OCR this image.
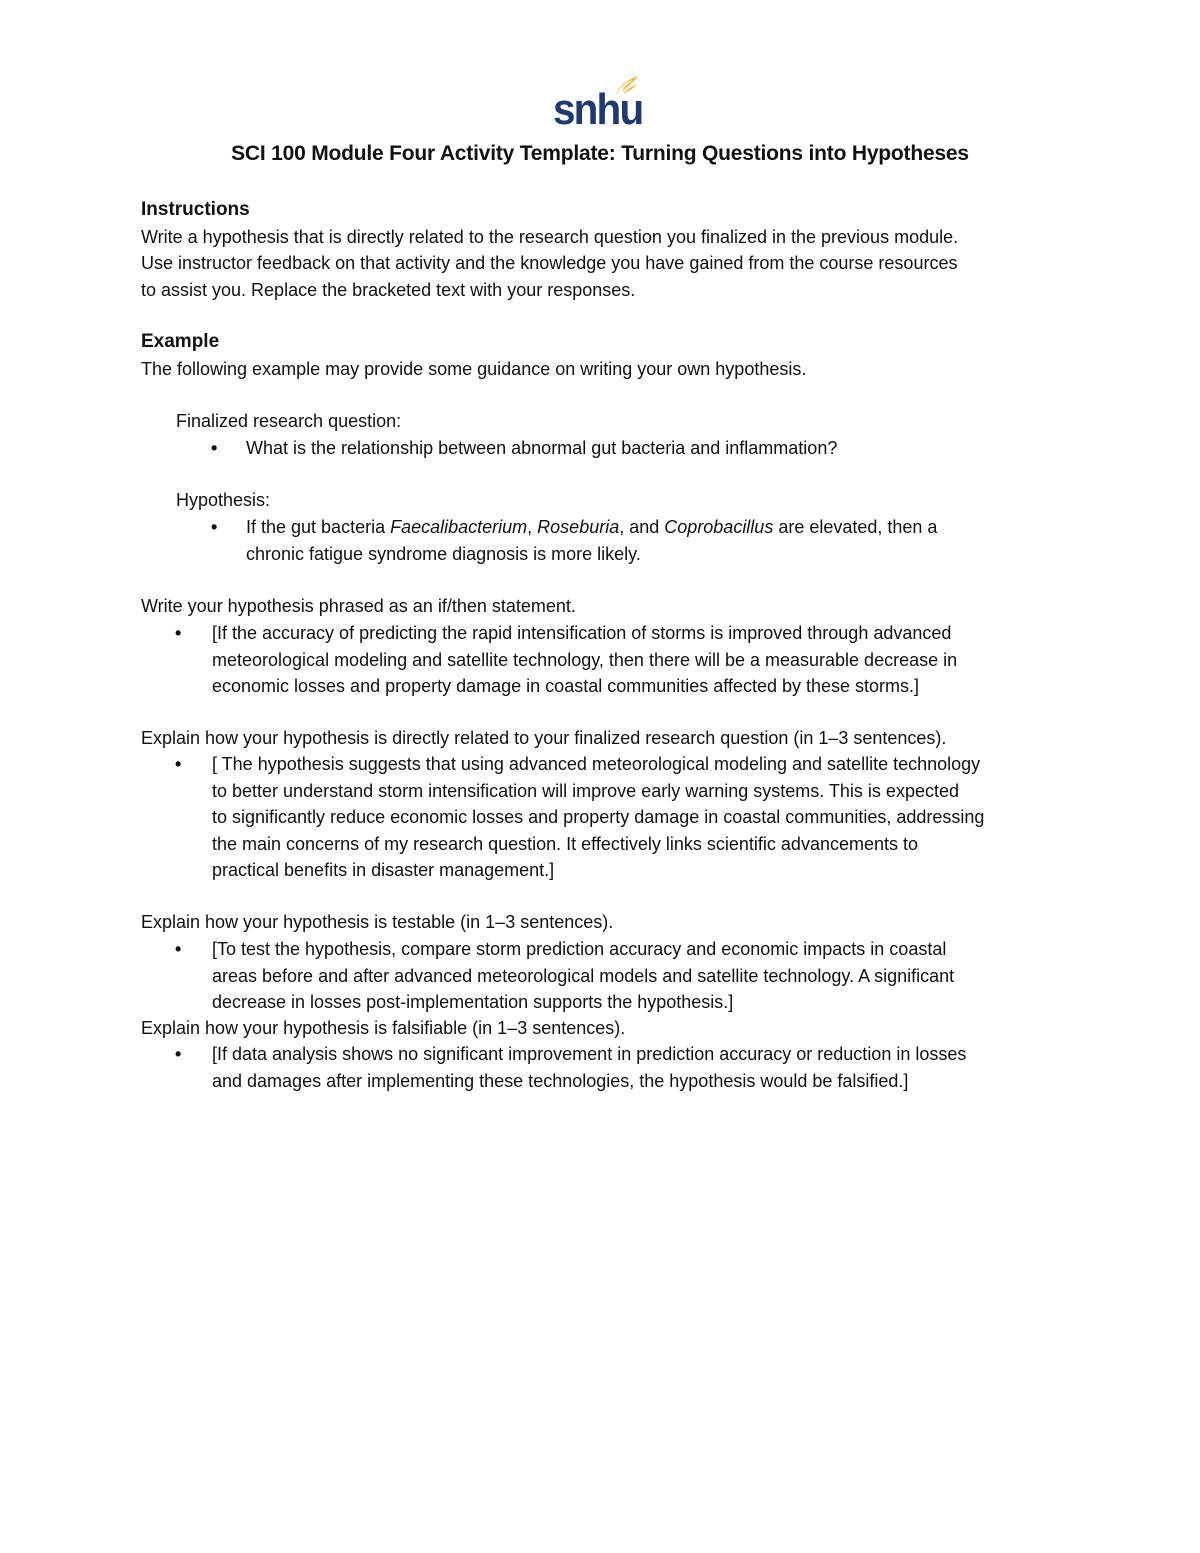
snhu
SCI 100 Module Four Activity Template: Turning Questions into Hypotheses
Instructions
Write a hypothesis that is directly related to the research question you finalized in the previous module.
Use instructor feedback on that activity and the knowledge you have gained from the course resources
to assist you. Replace the bracketed text with your responses.
Example
The following example may provide some guidance on writing your own hypothesis.
Finalized research question:
• What is the relationship between abnormal gut bacteria and inflammation?
Hypothesis:
• If the gut bacteria Faecalibacterium, Roseburia, and Coprobacillus are elevated, then a
chronic fatigue syndrome diagnosis is more likely.
Write your hypothesis phrased as an if/then statement.
• [If the accuracy of predicting the rapid intensification of storms is improved through advanced
meteorological modeling and satellite technology, then there will be a measurable decrease in
economic losses and property damage in coastal communities affected by these storms.]
Explain how your hypothesis is directly related to your finalized research question (in 1–3 sentences).
• [ The hypothesis suggests that using advanced meteorological modeling and satellite technology
to better understand storm intensification will improve early warning systems. This is expected
to significantly reduce economic losses and property damage in coastal communities, addressing
the main concerns of my research question. It effectively links scientific advancements to
practical benefits in disaster management.]
Explain how your hypothesis is testable (in 1–3 sentences).
• [To test the hypothesis, compare storm prediction accuracy and economic impacts in coastal
areas before and after advanced meteorological models and satellite technology. A significant
decrease in losses post-implementation supports the hypothesis.]
Explain how your hypothesis is falsifiable (in 1–3 sentences).
• [If data analysis shows no significant improvement in prediction accuracy or reduction in losses
and damages after implementing these technologies, the hypothesis would be falsified.]
